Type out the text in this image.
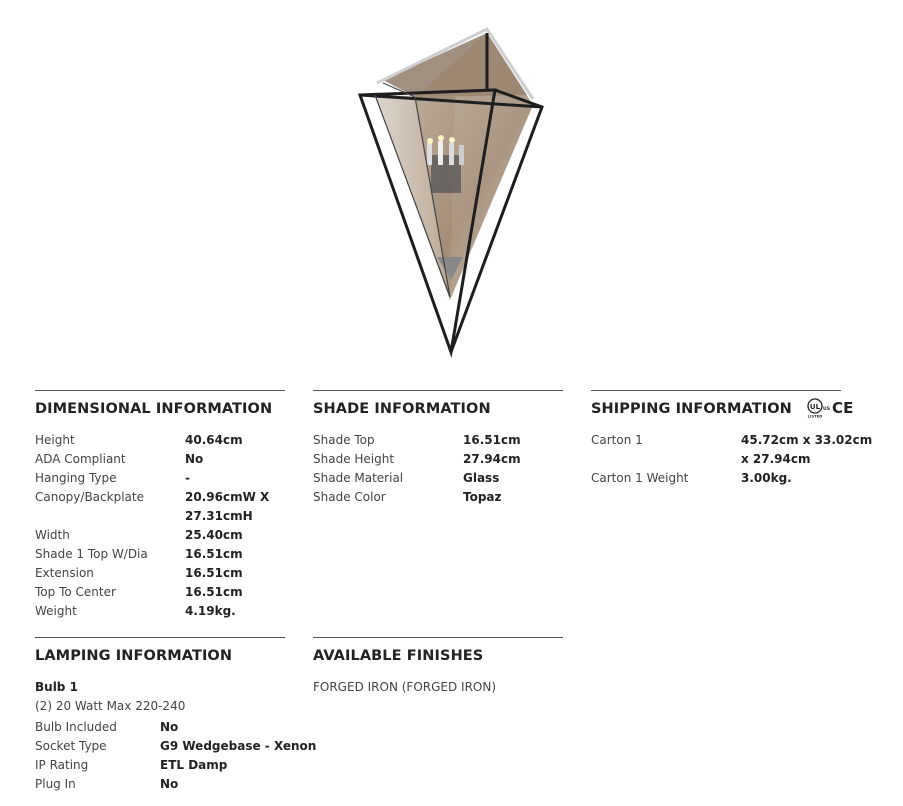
DIMENSIONAL INFORMATION
Height	40.64cm
ADA Compliant	No
Hanging Type	-
Canopy/Backplate	20.96cmW X
27.31cmH
Width	25.40cm
Shade 1 Top W/Dia	16.51cm
Extension	16.51cm
Top To Center	16.51cm
Weight	4.19kg.
SHADE INFORMATION
Shade Top	16.51cm
Shade Height	27.94cm
Shade Material	Glass
Shade Color	Topaz
SHIPPING INFORMATION	UL
LISTED
US CE
Carton 1	45.72cm x 33.02cm
x 27.94cm
Carton 1 Weight	3.00kg.
LAMPING INFORMATION
Bulb 1
(2) 20 Watt Max 220-240
Bulb Included	No
Socket Type	G9 Wedgebase - Xenon
IP Rating	ETL Damp
Plug In	No
AVAILABLE FINISHES
FORGED IRON (FORGED IRON)
